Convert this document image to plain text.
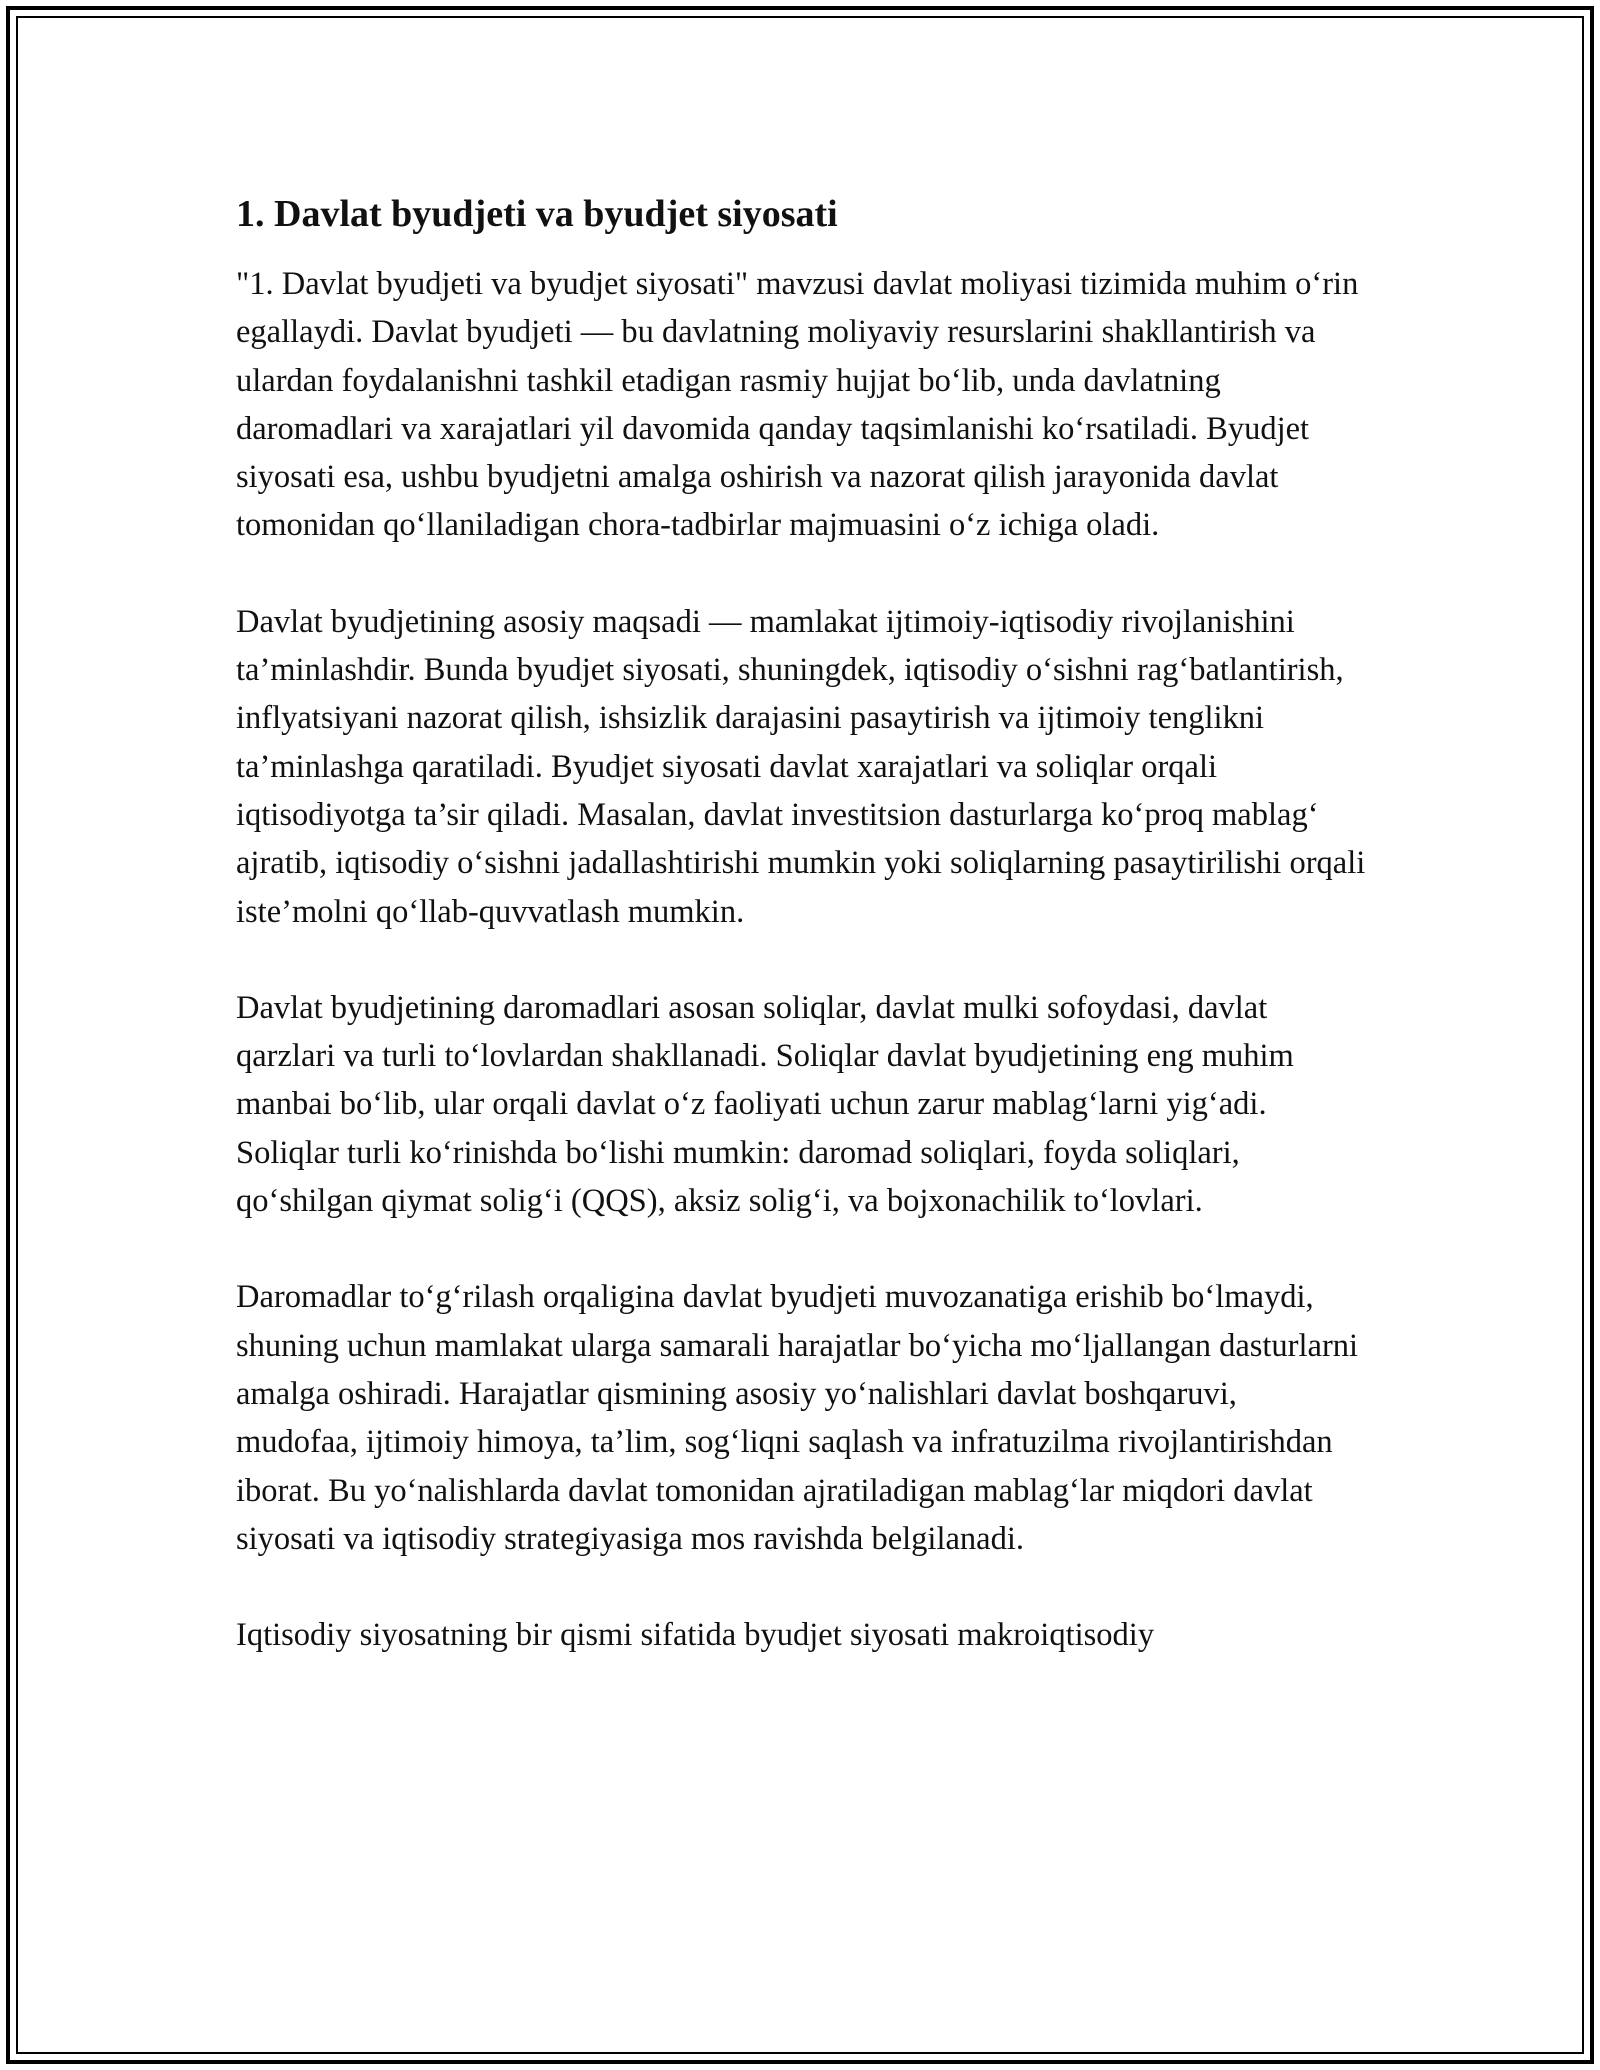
1. Davlat byudjeti va byudjet siyosati

"1. Davlat byudjeti va byudjet siyosati" mavzusi davlat moliyasi tizimida muhim o‘rin egallaydi. Davlat byudjeti — bu davlatning moliyaviy resurslarini shakllantirish va ulardan foydalanishni tashkil etadigan rasmiy hujjat bo‘lib, unda davlatning daromadlari va xarajatlari yil davomida qanday taqsimlanishi ko‘rsatiladi. Byudjet siyosati esa, ushbu byudjetni amalga oshirish va nazorat qilish jarayonida davlat tomonidan qo‘llaniladigan chora-tadbirlar majmuasini o‘z ichiga oladi.

Davlat byudjetining asosiy maqsadi — mamlakat ijtimoiy-iqtisodiy rivojlanishini ta’minlashdir. Bunda byudjet siyosati, shuningdek, iqtisodiy o‘sishni rag‘batlantirish, inflyatsiyani nazorat qilish, ishsizlik darajasini pasaytirish va ijtimoiy tenglikni ta’minlashga qaratiladi. Byudjet siyosati davlat xarajatlari va soliqlar orqali iqtisodiyotga ta’sir qiladi. Masalan, davlat investitsion dasturlarga ko‘proq mablag‘ ajratib, iqtisodiy o‘sishni jadallashtirishi mumkin yoki soliqlarning pasaytirilishi orqali iste’molni qo‘llab-quvvatlash mumkin.

Davlat byudjetining daromadlari asosan soliqlar, davlat mulki sofoydasi, davlat qarzlari va turli to‘lovlardan shakllanadi. Soliqlar davlat byudjetining eng muhim manbai bo‘lib, ular orqali davlat o‘z faoliyati uchun zarur mablag‘larni yig‘adi. Soliqlar turli ko‘rinishda bo‘lishi mumkin: daromad soliqlari, foyda soliqlari, qo‘shilgan qiymat solig‘i (QQS), aksiz solig‘i, va bojxonachilik to‘lovlari.

Daromadlar to‘g‘rilash orqaligina davlat byudjeti muvozanatiga erishib bo‘lmaydi, shuning uchun mamlakat ularga samarali harajatlar bo‘yicha mo‘ljallangan dasturlarni amalga oshiradi. Harajatlar qismining asosiy yo‘nalishlari davlat boshqaruvi, mudofaa, ijtimoiy himoya, ta’lim, sog‘liqni saqlash va infratuzilma rivojlantirishdan iborat. Bu yo‘nalishlarda davlat tomonidan ajratiladigan mablag‘lar miqdori davlat siyosati va iqtisodiy strategiyasiga mos ravishda belgilanadi.

Iqtisodiy siyosatning bir qismi sifatida byudjet siyosati makroiqtisodiy
